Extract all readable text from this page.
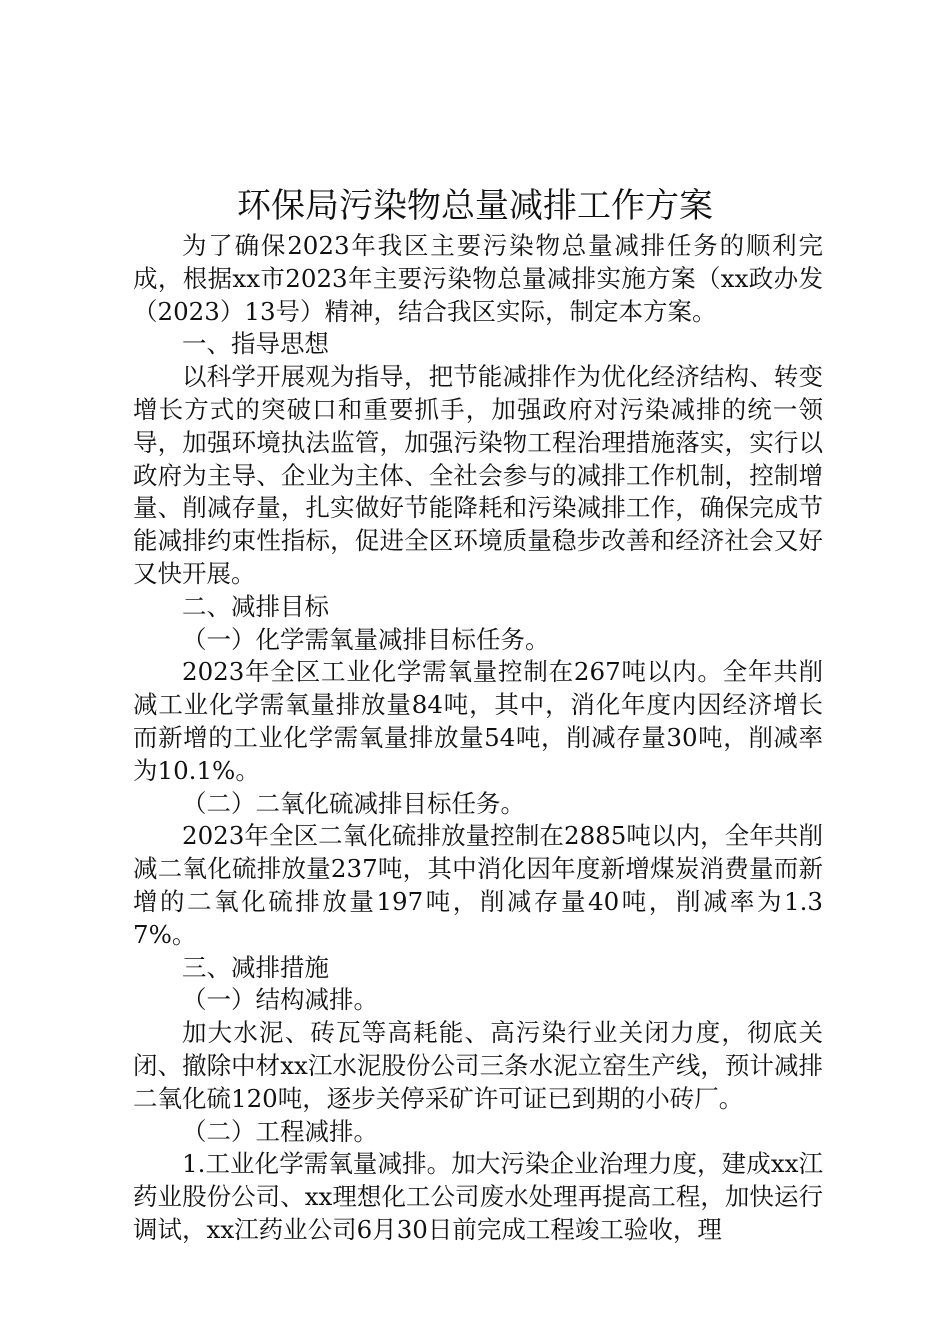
环保局污染物总量减排工作方案

为了确保2023年我区主要污染物总量减排任务的顺利完成，根据xx市2023年主要污染物总量减排实施方案（xx政办发（2023）13号）精神，结合我区实际，制定本方案。

一、指导思想

以科学开展观为指导，把节能减排作为优化经济结构、转变增长方式的突破口和重要抓手，加强政府对污染减排的统一领导，加强环境执法监管，加强污染物工程治理措施落实，实行以政府为主导、企业为主体、全社会参与的减排工作机制，控制增量、削减存量，扎实做好节能降耗和污染减排工作，确保完成节能减排约束性指标，促进全区环境质量稳步改善和经济社会又好又快开展。

二、减排目标

（一）化学需氧量减排目标任务。

2023年全区工业化学需氧量控制在267吨以内。全年共削减工业化学需氧量排放量84吨，其中，消化年度内因经济增长而新增的工业化学需氧量排放量54吨，削减存量30吨，削减率为10.1%。

（二）二氧化硫减排目标任务。

2023年全区二氧化硫排放量控制在2885吨以内，全年共削减二氧化硫排放量237吨，其中消化因年度新增煤炭消费量而新增的二氧化硫排放量197吨，削减存量40吨，削减率为1.37%。

三、减排措施

（一）结构减排。

加大水泥、砖瓦等高耗能、高污染行业关闭力度，彻底关闭、撤除中材xx江水泥股份公司三条水泥立窑生产线，预计减排二氧化硫120吨，逐步关停采矿许可证已到期的小砖厂。

（二）工程减排。

1.工业化学需氧量减排。加大污染企业治理力度，建成xx江药业股份公司、xx理想化工公司废水处理再提高工程，加快运行调试，xx江药业公司6月30日前完成工程竣工验收，理
